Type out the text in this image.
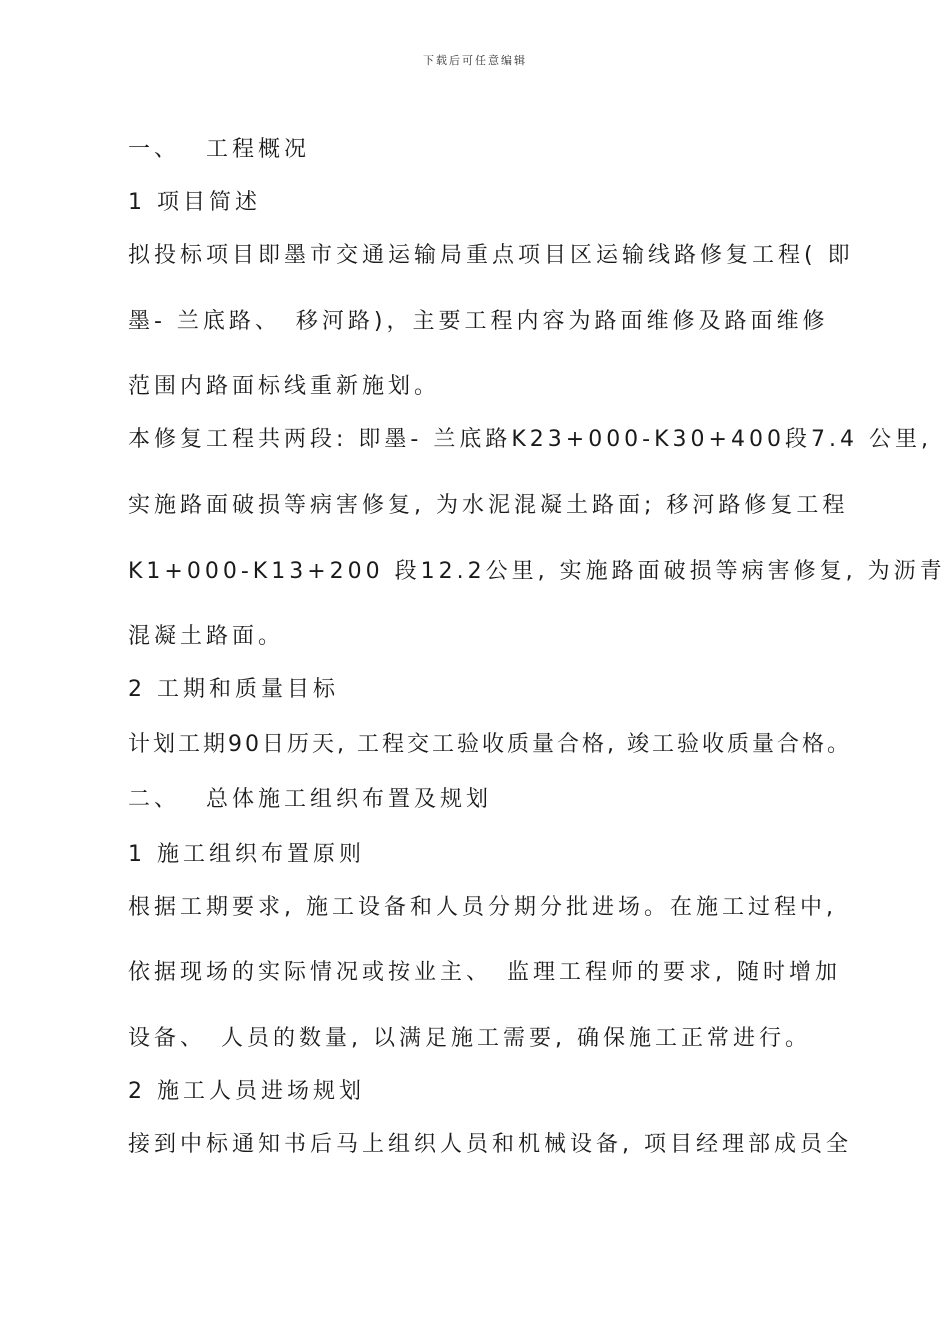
下载后可任意编辑
一、　 工程概况
1 项目简述
拟投标项目即墨市交通运输局重点项目区运输线路修复工程( 即
墨- 兰底路、　移河路)，主要工程内容为路面维修及路面维修
范围内路面标线重新施划。
本修复工程共两段: 即墨- 兰底路K23+000-K30+400段7.4 公里,
实施路面破损等病害修复, 为水泥混凝土路面; 移河路修复工程
K1+000-K13+200 段12.2公里, 实施路面破损等病害修复, 为沥青
混凝土路面。
2 工期和质量目标
计划工期90日历天, 工程交工验收质量合格, 竣工验收质量合格。
二、　 总体施工组织布置及规划
1 施工组织布置原则
根据工期要求, 施工设备和人员分期分批进场。在施工过程中,
依据现场的实际情况或按业主、　监理工程师的要求, 随时增加
设备、　人员的数量, 以满足施工需要, 确保施工正常进行。
2 施工人员进场规划
接到中标通知书后马上组织人员和机械设备, 项目经理部成员全
